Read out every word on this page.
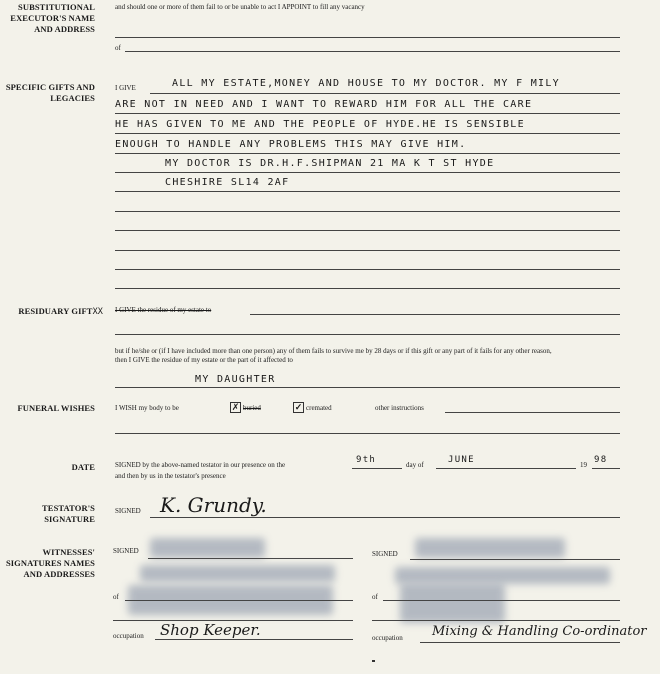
SUBSTITUTIONAL EXECUTOR'S NAME AND ADDRESS
and should one or more of them fail to or be unable to act I APPOINT to fill any vacancy
of
SPECIFIC GIFTS AND LEGACIES
I GIVE	ALL MY ESTATE,MONEY AND HOUSE TO MY DOCTOR. MY F MILY
ARE NOT IN NEED AND I WANT TO REWARD HIM FOR ALL THE CARE
HE HAS GIVEN TO ME AND THE PEOPLE OF HYDE.HE IS SENSIBLE
ENOUGH TO HANDLE ANY PROBLEMS THIS MAY GIVE HIM.
MY DOCTOR IS DR.H.F.SHIPMAN 21 MA K T ST HYDE
CHESHIRE SL14 2AF
RESIDUARY GIFTXX I GIVE the residue of my estate to
but if he/she or (if I have included more than one person) any of them fails to survive me by 28 days or if this gift or any part of it fails for any other reason, then I GIVE the residue of my estate or the part of it affected to
MY DAUGHTER
FUNERAL WISHES	I WISH my body to be	✗ buried	✓ cremated	other instructions
DATE	SIGNED by the above-named testator in our presence on the	9th	day of	JUNE	19 98
and then by us in the testator's presence
TESTATOR'S SIGNATURE
SIGNED K. Grundy.
WITNESSES' SIGNATURES NAMES AND ADDRESSES
SIGNED
of
occupation Shop Keeper.
SIGNED
of
occupation Mixing & Handling Co-ordinator
